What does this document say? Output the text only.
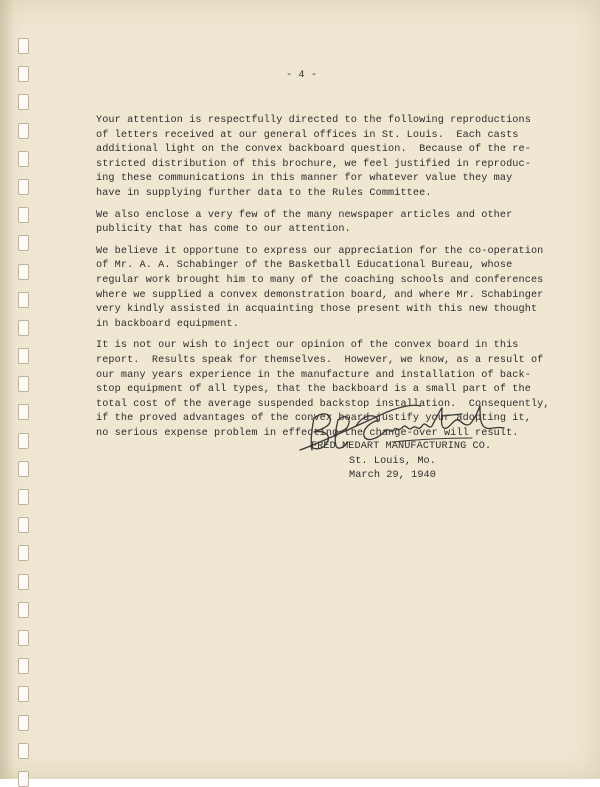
- 4 -
Your attention is respectfully directed to the following reproductions
of letters received at our general offices in St. Louis.  Each casts
additional light on the convex backboard question.  Because of the re-
stricted distribution of this brochure, we feel justified in reproduc-
ing these communications in this manner for whatever value they may
have in supplying further data to the Rules Committee.
We also enclose a very few of the many newspaper articles and other
publicity that has come to our attention.
We believe it opportune to express our appreciation for the co-operation
of Mr. A. A. Schabinger of the Basketball Educational Bureau, whose
regular work brought him to many of the coaching schools and conferences
where we supplied a convex demonstration board, and where Mr. Schabinger
very kindly assisted in acquainting those present with this new thought
in backboard equipment.
It is not our wish to inject our opinion of the convex board in this
report.  Results speak for themselves.  However, we know, as a result of
our many years experience in the manufacture and installation of back-
stop equipment of all types, that the backboard is a small part of the
total cost of the average suspended backstop installation.  Consequently,
if the proved advantages of the convex board justify your adopting it,
no serious expense problem in effecting the change-over will result.
FRED MEDART MANUFACTURING CO.
St. Louis, Mo.
March 29, 1940
